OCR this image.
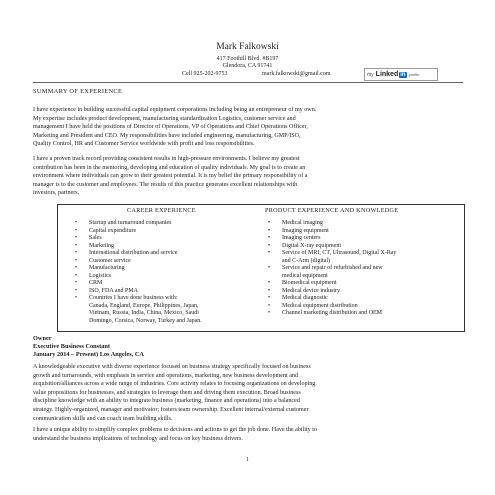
Mark Falkowski
417 Foothill Blvd. #B197
Glendora, CA 91741
Cell 925-202-9753	mark.falkowski@gmail.com	my Linked in profile
SUMMARY OF EXPERIENCE
I have experience in building successful capital equipment corporations including being an entrepreneur of my own.
My expertise includes product development, manufacturing standardization Logistics, customer service and
management I have held the positions of Director of Operations, VP of Operations and Chief Operations Officer,
Marketing and President and CEO. My responsibilities have included engineering, manufacturing, GMP/ISO,
Quality Control, HR and Customer Service worldwide with profit and loss responsibilities.
I have a proven track record providing consistent results in high-pressure environments. I believe my greatest
contribution has been in the mentoring, developing and education of quality individuals. My goal is to create an
environment where individuals can grow to their greatest potential. It is my belief the primary responsibility of a
manager is to the customer and employees. The results of this practice generates excellent relationships with
investors, partners.
CAREER EXPERIENCE	PRODUCT EXPERIENCE AND KNOWLEDGE
• Startup and turnaround companies
• Capital expenditure
• Sales
• Marketing
• International distribution and service
• Customer service
• Manufacturing
• Logistics
• CRM
• ISO, FDA and PMA
• Countries I have done business with:
Canada, England, Europe, Philippines, Japan,
Vietnam, Russia, India, China, Mexico, Saudi
Domingo, Corsica, Norway, Turkey and Japan.
• Medical imaging
• Imaging equipment
• Imaging centers
• Digital X-ray equipment
• Service of MRI, CT, Ultrasound, Digital X-Ray
and C-Arm (digital)
• Service and repair of refurbished and new
medical equipment
• Biomedical equipment
• Medical device industry
• Medical diagnostic
• Medical equipment distribution
• Channel marketing distribution and OEM
Owner
Executive Business Constant
January 2014 – Present) Los Angeles, CA
A knowledgeable executive with diverse experience focused on business strategy specifically focused on business
growth and turnarounds, with emphasis in service and operations, marketing, new business development and
acquisition/alliances across a wide range of industries. Core activity relates to focusing organizations on developing
value propositions for businesses, and strategies to leverage them and driving them execution. Broad business
discipline knowledge with an ability to integrate business (marketing, finance and operations) into a balanced
strategy. Highly-organized, manager and motivator; fosters team ownership. Excellent internal/external customer
communication skills and can coach team building skills.
I have a unique ability to simplify complex problems to decisions and actions to get the job done. Have the ability to
understand the business implications of technology and focus on key business drivers.
1
